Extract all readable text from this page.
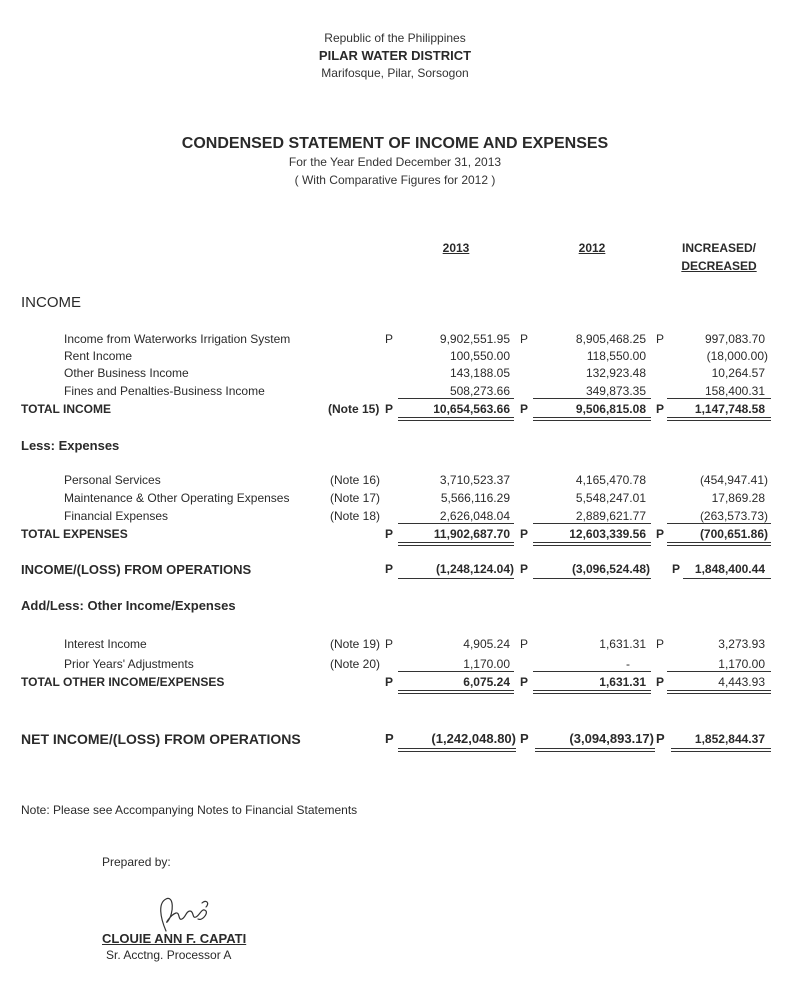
Republic of the Philippines
PILAR WATER DISTRICT
Marifosque, Pilar, Sorsogon
CONDENSED STATEMENT OF INCOME AND EXPENSES
For the Year Ended December 31, 2013
( With Comparative Figures for 2012 )
2013	2012	INCREASED/
DECREASED
INCOME
Income from Waterworks Irrigation System	P	9,902,551.95 P	8,905,468.25 P	997,083.70
Rent Income	100,550.00	118,550.00	(18,000.00)
Other Business Income	143,188.05	132,923.48	10,264.57
Fines and Penalties-Business Income	508,273.66	349,873.35	158,400.31
TOTAL INCOME	(Note 15) P	10,654,563.66 P	9,506,815.08 P	1,147,748.58
Less: Expenses
Personal Services	(Note 16)	3,710,523.37	4,165,470.78	(454,947.41)
Maintenance & Other Operating Expenses	(Note 17)	5,566,116.29	5,548,247.01	17,869.28
Financial Expenses	(Note 18)	2,626,048.04	2,889,621.77	(263,573.73)
TOTAL EXPENSES	P	11,902,687.70 P	12,603,339.56 P	(700,651.86)
INCOME/(LOSS) FROM OPERATIONS	P	(1,248,124.04) P	(3,096,524.48) P	1,848,400.44
Add/Less: Other Income/Expenses
Interest Income	(Note 19) P	4,905.24 P	1,631.31 P	3,273.93
Prior Years' Adjustments	(Note 20)	1,170.00	-	1,170.00
TOTAL OTHER INCOME/EXPENSES	P	6,075.24 P	1,631.31 P	4,443.93
NET INCOME/(LOSS) FROM OPERATIONS	P	(1,242,048.80) P	(3,094,893.17) P	1,852,844.37
Note: Please see Accompanying Notes to Financial Statements
Prepared by:
CLOUIE ANN F. CAPATI
Sr. Acctng. Processor A
